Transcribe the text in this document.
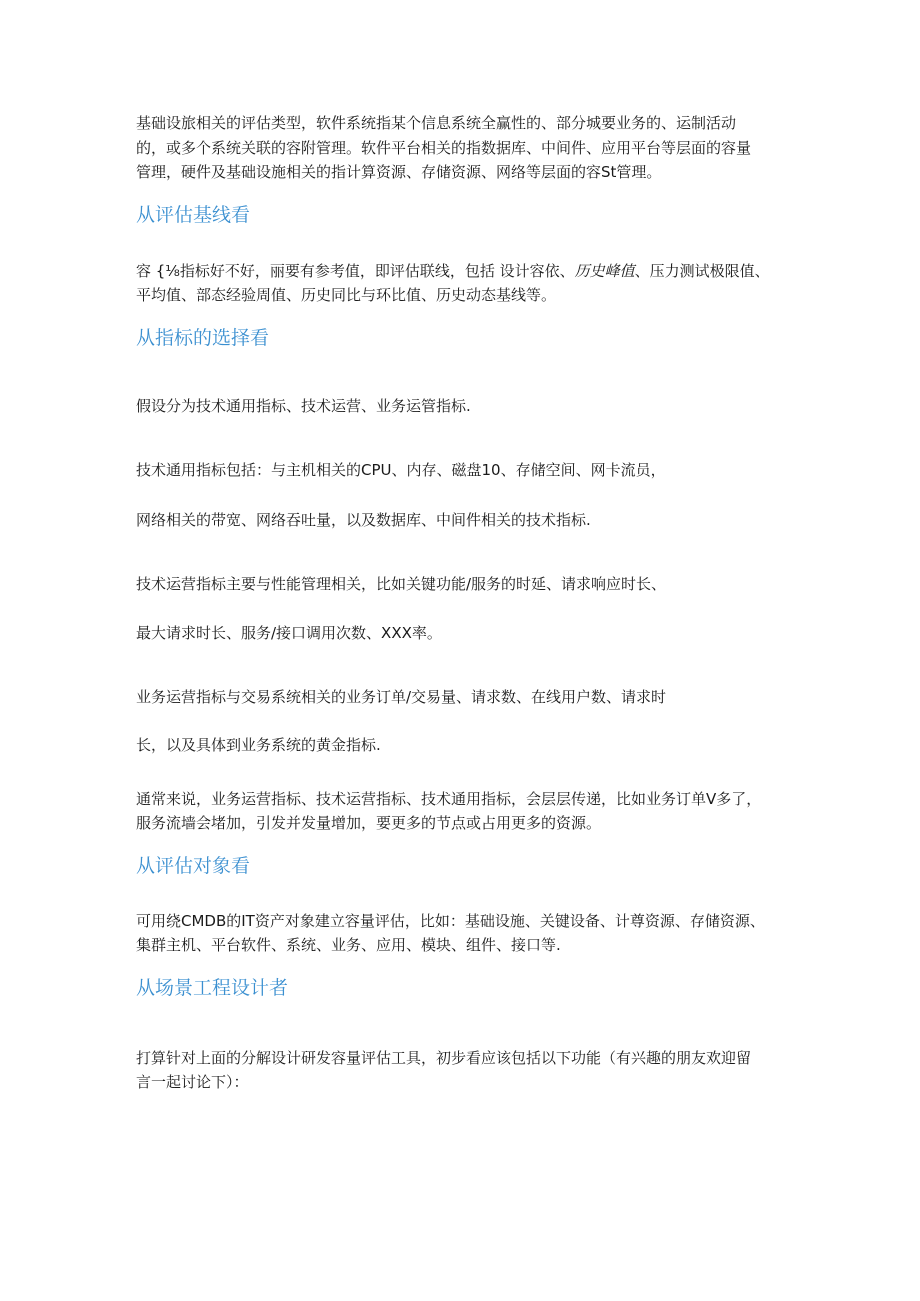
基础设旅相关的评估类型，软件系统指某个信息系统全赢性的、部分城要业务的、运制活动
的，或多个系统关联的容附管理。软件平台相关的指数据库、中间件、应用平台等层面的容量
管理，硬件及基础设施相关的指计算资源、存储资源、网络等层面的容St管理。
从评估基线看
容 {⅛指标好不好，丽要有参考值，即评估联线，包括 设计容依、历史峰值、压力测试极限值、
平均值、部态经验周值、历史同比与环比值、历史动态基线等。
从指标的选择看
假设分为技术通用指标、技术运营、业务运管指标.
技术通用指标包括：与主机相关的CPU、内存、磁盘10、存储空间、网卡流员，
网络相关的带宽、网络吞吐量，以及数据库、中间件相关的技术指标.
技术运营指标主要与性能管理相关，比如关键功能/服务的时延、请求响应时长、
最大请求时长、服务/接口调用次数、XXX率。
业务运营指标与交易系统相关的业务订单/交易量、请求数、在线用户数、请求时
长，以及具体到业务系统的黄金指标.
通常来说，业务运营指标、技术运营指标、技术通用指标，会层层传递，比如业务订单V多了，
服务流墙会堵加，引发并发量增加，要更多的节点或占用更多的资源。
从评估对象看
可用绕CMDB的IT资产对象建立容量评估，比如：基础设施、关键设备、计尊资源、存储资源、
集群主机、平台软件、系统、业务、应用、模块、组件、接口等.
从场景工程设计者
打算针对上面的分解设计研发容量评估工具，初步看应该包括以下功能（有兴趣的朋友欢迎留
言一起讨论下）：
